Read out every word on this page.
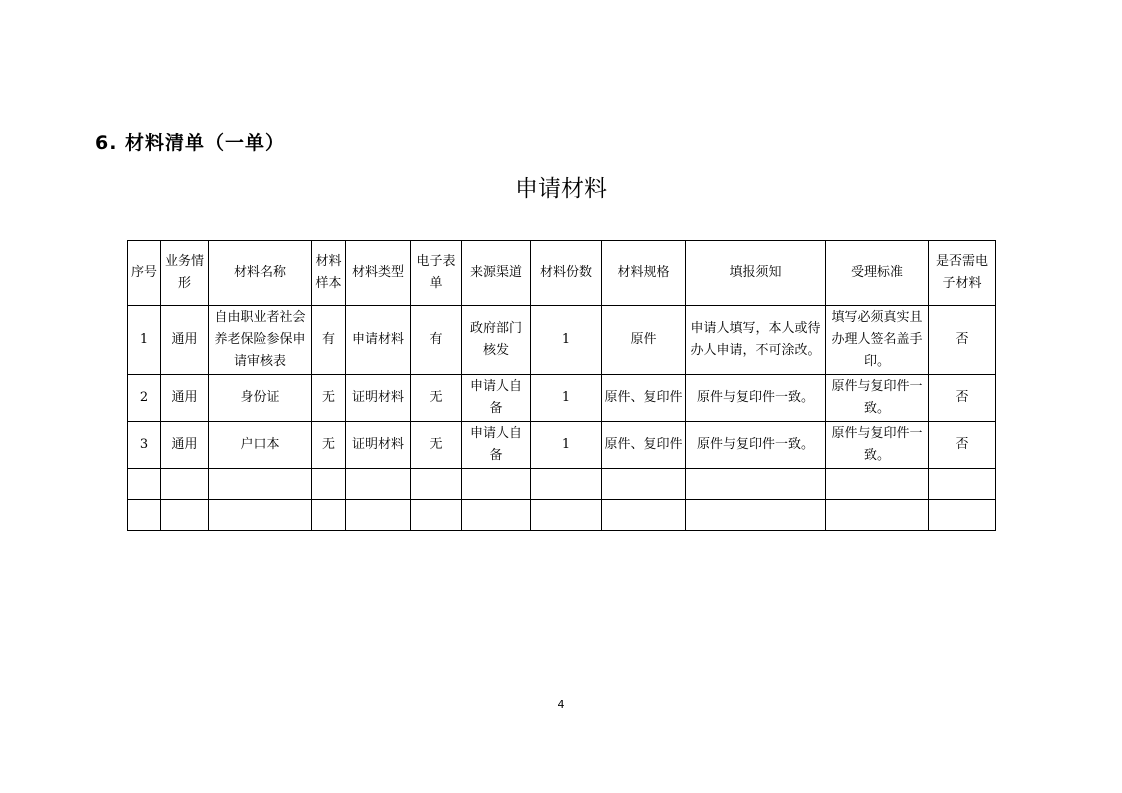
6. 材料清单（一单）
申请材料
序号	业务情形	材料名称	材料样本	材料类型	电子表单	来源渠道	材料份数	材料规格	填报须知	受理标准	是否需电子材料
1	通用	自由职业者社会养老保险参保申请审核表	有	申请材料	有	政府部门核发	1	原件	申请人填写，本人或待办人申请，不可涂改。	填写必须真实且办理人签名盖手印。	否
2	通用	身份证	无	证明材料	无	申请人自备	1	原件、复印件	原件与复印件一致。	原件与复印件一致。	否
3	通用	户口本	无	证明材料	无	申请人自备	1	原件、复印件	原件与复印件一致。	原件与复印件一致。	否

4
